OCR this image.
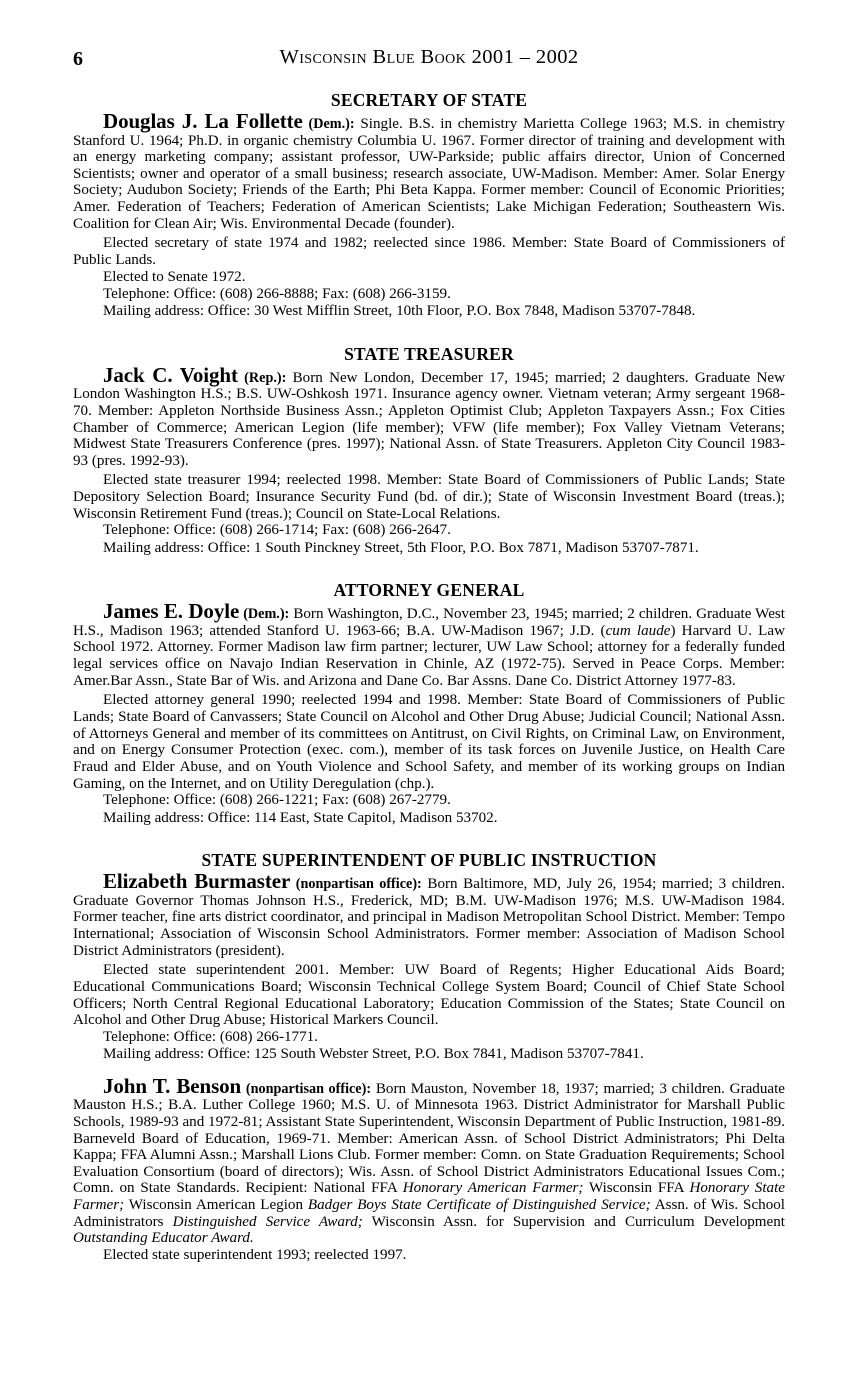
6	Wisconsin Blue Book 2001 – 2002
SECRETARY OF STATE

Douglas J. La Follette (Dem.): Single. B.S. in chemistry Marietta College 1963; M.S. in chemistry Stanford U. 1964; Ph.D. in organic chemistry Columbia U. 1967. Former director of training and development with an energy marketing company; assistant professor, UW-Parkside; public affairs director, Union of Concerned Scientists; owner and operator of a small business; research associate, UW-Madison. Member: Amer. Solar Energy Society; Audubon Society; Friends of the Earth; Phi Beta Kappa. Former member: Council of Economic Priorities; Amer. Federation of Teachers; Federation of American Scientists; Lake Michigan Federation; Southeastern Wis. Coalition for Clean Air; Wis. Environmental Decade (founder).

Elected secretary of state 1974 and 1982; reelected since 1986. Member: State Board of Commissioners of Public Lands.

Elected to Senate 1972.

Telephone: Office: (608) 266-8888; Fax: (608) 266-3159.

Mailing address: Office: 30 West Mifflin Street, 10th Floor, P.O. Box 7848, Madison 53707-7848.

STATE TREASURER

Jack C. Voight (Rep.): Born New London, December 17, 1945; married; 2 daughters. Graduate New London Washington H.S.; B.S. UW-Oshkosh 1971. Insurance agency owner. Vietnam veteran; Army sergeant 1968-70. Member: Appleton Northside Business Assn.; Appleton Optimist Club; Appleton Taxpayers Assn.; Fox Cities Chamber of Commerce; American Legion (life member); VFW (life member); Fox Valley Vietnam Veterans; Midwest State Treasurers Conference (pres. 1997); National Assn. of State Treasurers. Appleton City Council 1983-93 (pres. 1992-93).

Elected state treasurer 1994; reelected 1998. Member: State Board of Commissioners of Public Lands; State Depository Selection Board; Insurance Security Fund (bd. of dir.); State of Wisconsin Investment Board (treas.); Wisconsin Retirement Fund (treas.); Council on State-Local Relations.

Telephone: Office: (608) 266-1714; Fax: (608) 266-2647.

Mailing address: Office: 1 South Pinckney Street, 5th Floor, P.O. Box 7871, Madison 53707-7871.

ATTORNEY GENERAL

James E. Doyle (Dem.): Born Washington, D.C., November 23, 1945; married; 2 children. Graduate West H.S., Madison 1963; attended Stanford U. 1963-66; B.A. UW-Madison 1967; J.D. (cum laude) Harvard U. Law School 1972. Attorney. Former Madison law firm partner; lecturer, UW Law School; attorney for a federally funded legal services office on Navajo Indian Reservation in Chinle, AZ (1972-75). Served in Peace Corps. Member: Amer.Bar Assn., State Bar of Wis. and Arizona and Dane Co. Bar Assns. Dane Co. District Attorney 1977-83.

Elected attorney general 1990; reelected 1994 and 1998. Member: State Board of Commissioners of Public Lands; State Board of Canvassers; State Council on Alcohol and Other Drug Abuse; Judicial Council; National Assn. of Attorneys General and member of its committees on Antitrust, on Civil Rights, on Criminal Law, on Environment, and on Energy Consumer Protection (exec. com.), member of its task forces on Juvenile Justice, on Health Care Fraud and Elder Abuse, and on Youth Violence and School Safety, and member of its working groups on Indian Gaming, on the Internet, and on Utility Deregulation (chp.).

Telephone: Office: (608) 266-1221; Fax: (608) 267-2779.

Mailing address: Office: 114 East, State Capitol, Madison 53702.

STATE SUPERINTENDENT OF PUBLIC INSTRUCTION

Elizabeth Burmaster (nonpartisan office): Born Baltimore, MD, July 26, 1954; married; 3 children. Graduate Governor Thomas Johnson H.S., Frederick, MD; B.M. UW-Madison 1976; M.S. UW-Madison 1984. Former teacher, fine arts district coordinator, and principal in Madison Metropolitan School District. Member: Tempo International; Association of Wisconsin School Administrators. Former member: Association of Madison School District Administrators (president).

Elected state superintendent 2001. Member: UW Board of Regents; Higher Educational Aids Board; Educational Communications Board; Wisconsin Technical College System Board; Council of Chief State School Officers; North Central Regional Educational Laboratory; Education Commission of the States; State Council on Alcohol and Other Drug Abuse; Historical Markers Council.

Telephone: Office: (608) 266-1771.

Mailing address: Office: 125 South Webster Street, P.O. Box 7841, Madison 53707-7841.

John T. Benson (nonpartisan office): Born Mauston, November 18, 1937; married; 3 children. Graduate Mauston H.S.; B.A. Luther College 1960; M.S. U. of Minnesota 1963. District Administrator for Marshall Public Schools, 1989-93 and 1972-81; Assistant State Superintendent, Wisconsin Department of Public Instruction, 1981-89. Barneveld Board of Education, 1969-71. Member: American Assn. of School District Administrators; Phi Delta Kappa; FFA Alumni Assn.; Marshall Lions Club. Former member: Comn. on State Graduation Requirements; School Evaluation Consortium (board of directors); Wis. Assn. of School District Administrators Educational Issues Com.; Comn. on State Standards. Recipient: National FFA Honorary American Farmer; Wisconsin FFA Honorary State Farmer; Wisconsin American Legion Badger Boys State Certificate of Distinguished Service; Assn. of Wis. School Administrators Distinguished Service Award; Wisconsin Assn. for Supervision and Curriculum Development Outstanding Educator Award.

Elected state superintendent 1993; reelected 1997.
